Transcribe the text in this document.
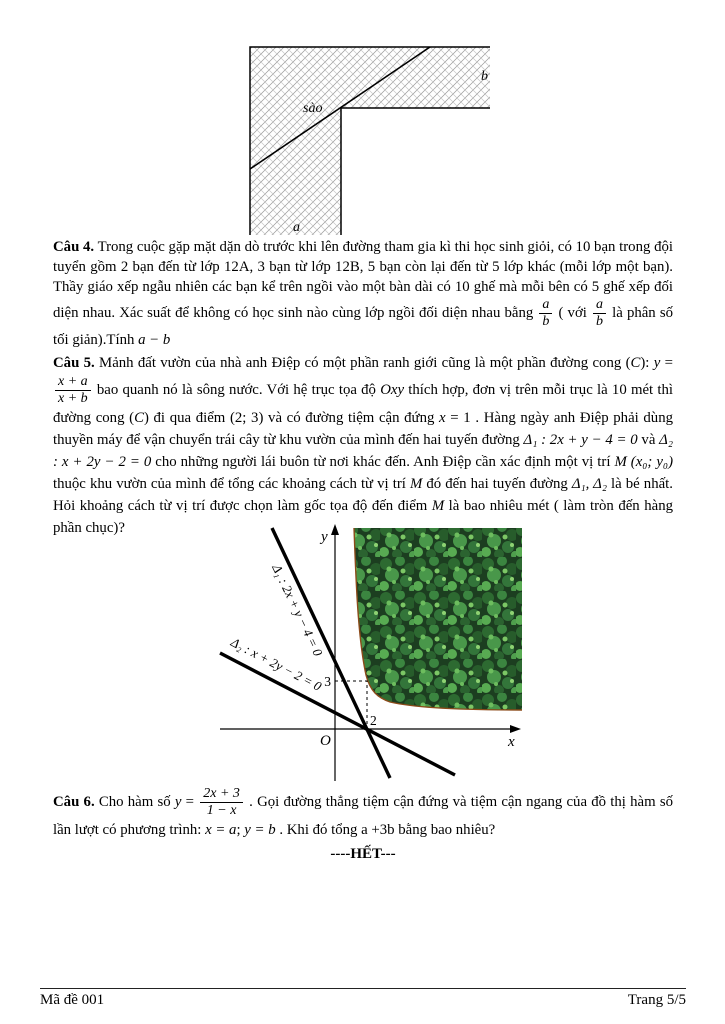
sào
b
a

Câu 4. Trong cuộc gặp mặt dặn dò trước khi lên đường tham gia kì thi học sinh giỏi, có 10 bạn trong đội tuyển gồm 2 bạn đến từ lớp 12A, 3 bạn từ lớp 12B, 5 bạn còn lại đến từ 5 lớp khác (mỗi lớp một bạn). Thầy giáo xếp ngẫu nhiên các bạn kể trên ngồi vào một bàn dài có 10 ghế mà mỗi bên có 5 ghế xếp đối diện nhau. Xác suất để không có học sinh nào cùng lớp ngồi đối diện nhau bằng $\frac{a}{b}$ ( với $\frac{a}{b}$ là phân số tối giản).Tính a − b

Câu 5. Mảnh đất vườn của nhà anh Điệp có một phần ranh giới cũng là một phần đường cong (C): y =
$\frac{x + a}{x + b}$ bao quanh nó là sông nước. Với hệ trục tọa độ Oxy thích hợp, đơn vị trên mỗi trục là 10 mét thì đường cong (C) đi qua điểm (2; 3) và có đường tiệm cận đứng x = 1 . Hàng ngày anh Điệp phải dùng thuyền máy để vận chuyển trái cây từ khu vườn của mình đến hai tuyến đường Δ₁ : 2x + y − 4 = 0 và Δ₂ : x + 2y − 2 = 0 cho những người lái buôn từ nơi khác đến. Anh Điệp cần xác định một vị trí M (x₀; y₀) thuộc khu vườn của mình để tổng các khoảng cách từ vị trí M đó đến hai tuyến đường Δ₁, Δ₂ là bé nhất. Hỏi khoảng cách từ vị trí được chọn làm gốc tọa độ đến điểm M là bao nhiêu mét ( làm tròn đến hàng phần chục)?

y
x
O
3
2
Δ₁ : 2x + y − 4 = 0
Δ₂ : x + 2y − 2 = 0

Câu 6. Cho hàm số $y = \frac{2x + 3}{1 - x}$ . Gọi đường thẳng tiệm cận đứng và tiệm cận ngang của đồ thị hàm số lần lượt có phương trình: x = a; y = b . Khi đó tổng a +3b bằng bao nhiêu?

----HẾT---
Mã đề 001	Trang 5/5
